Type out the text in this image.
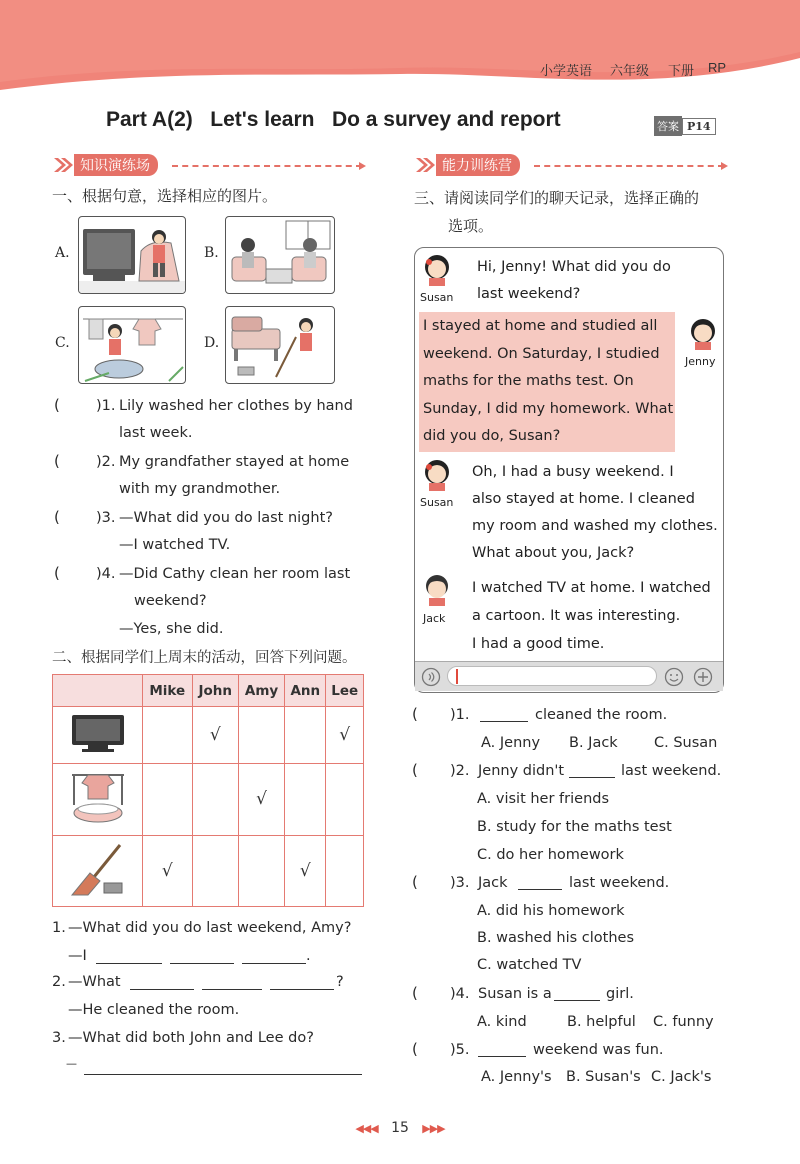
小学英语 六年级 下册 RP
Part A(2)   Let's learn   Do a survey and report	答案 P14
知识演练场
一、根据句意，选择相应的图片。
A.	B.
C.	D.
( )1. Lily washed her clothes by hand
last week.
( )2. My grandfather stayed at home
with my grandmother.
( )3. —What did you do last night?
—I watched TV.
( )4. —Did Cathy clean her room last
weekend?
—Yes, she did.
二、根据同学们上周末的活动，回答下列问题。
	Mike	John	Amy	Ann	Lee
		√			√
			√		
	√			√	
1. —What did you do last weekend, Amy?
—I	.
2. —What	?
—He cleaned the room.
3. —What did both John and Lee do?
—
能力训练营
三、请阅读同学们的聊天记录，选择正确的
选项。
Susan
Hi, Jenny! What did you do
last weekend?
Jenny
I stayed at home and studied all
weekend. On Saturday, I studied
maths for the maths test. On
Sunday, I did my homework. What
did you do, Susan?
Susan
Oh, I had a busy weekend. I
also stayed at home. I cleaned
my room and washed my clothes.
What about you, Jack?
Jack
I watched TV at home. I watched
a cartoon. It was interesting.
I had a good time.
( )1.	cleaned the room.
A. Jenny B. Jack	C. Susan
( )2. Jenny didn't	last weekend.
A. visit her friends
B. study for the maths test
C. do her homework
( )3. Jack	last weekend.
A. did his homework
B. washed his clothes
C. watched TV
( )4. Susan is a	girl.
A. kind	B. helpful C. funny
( )5.	weekend was fun.
A. Jenny's B. Susan's C. Jack's
◀◀◀ 15 ▶▶▶
